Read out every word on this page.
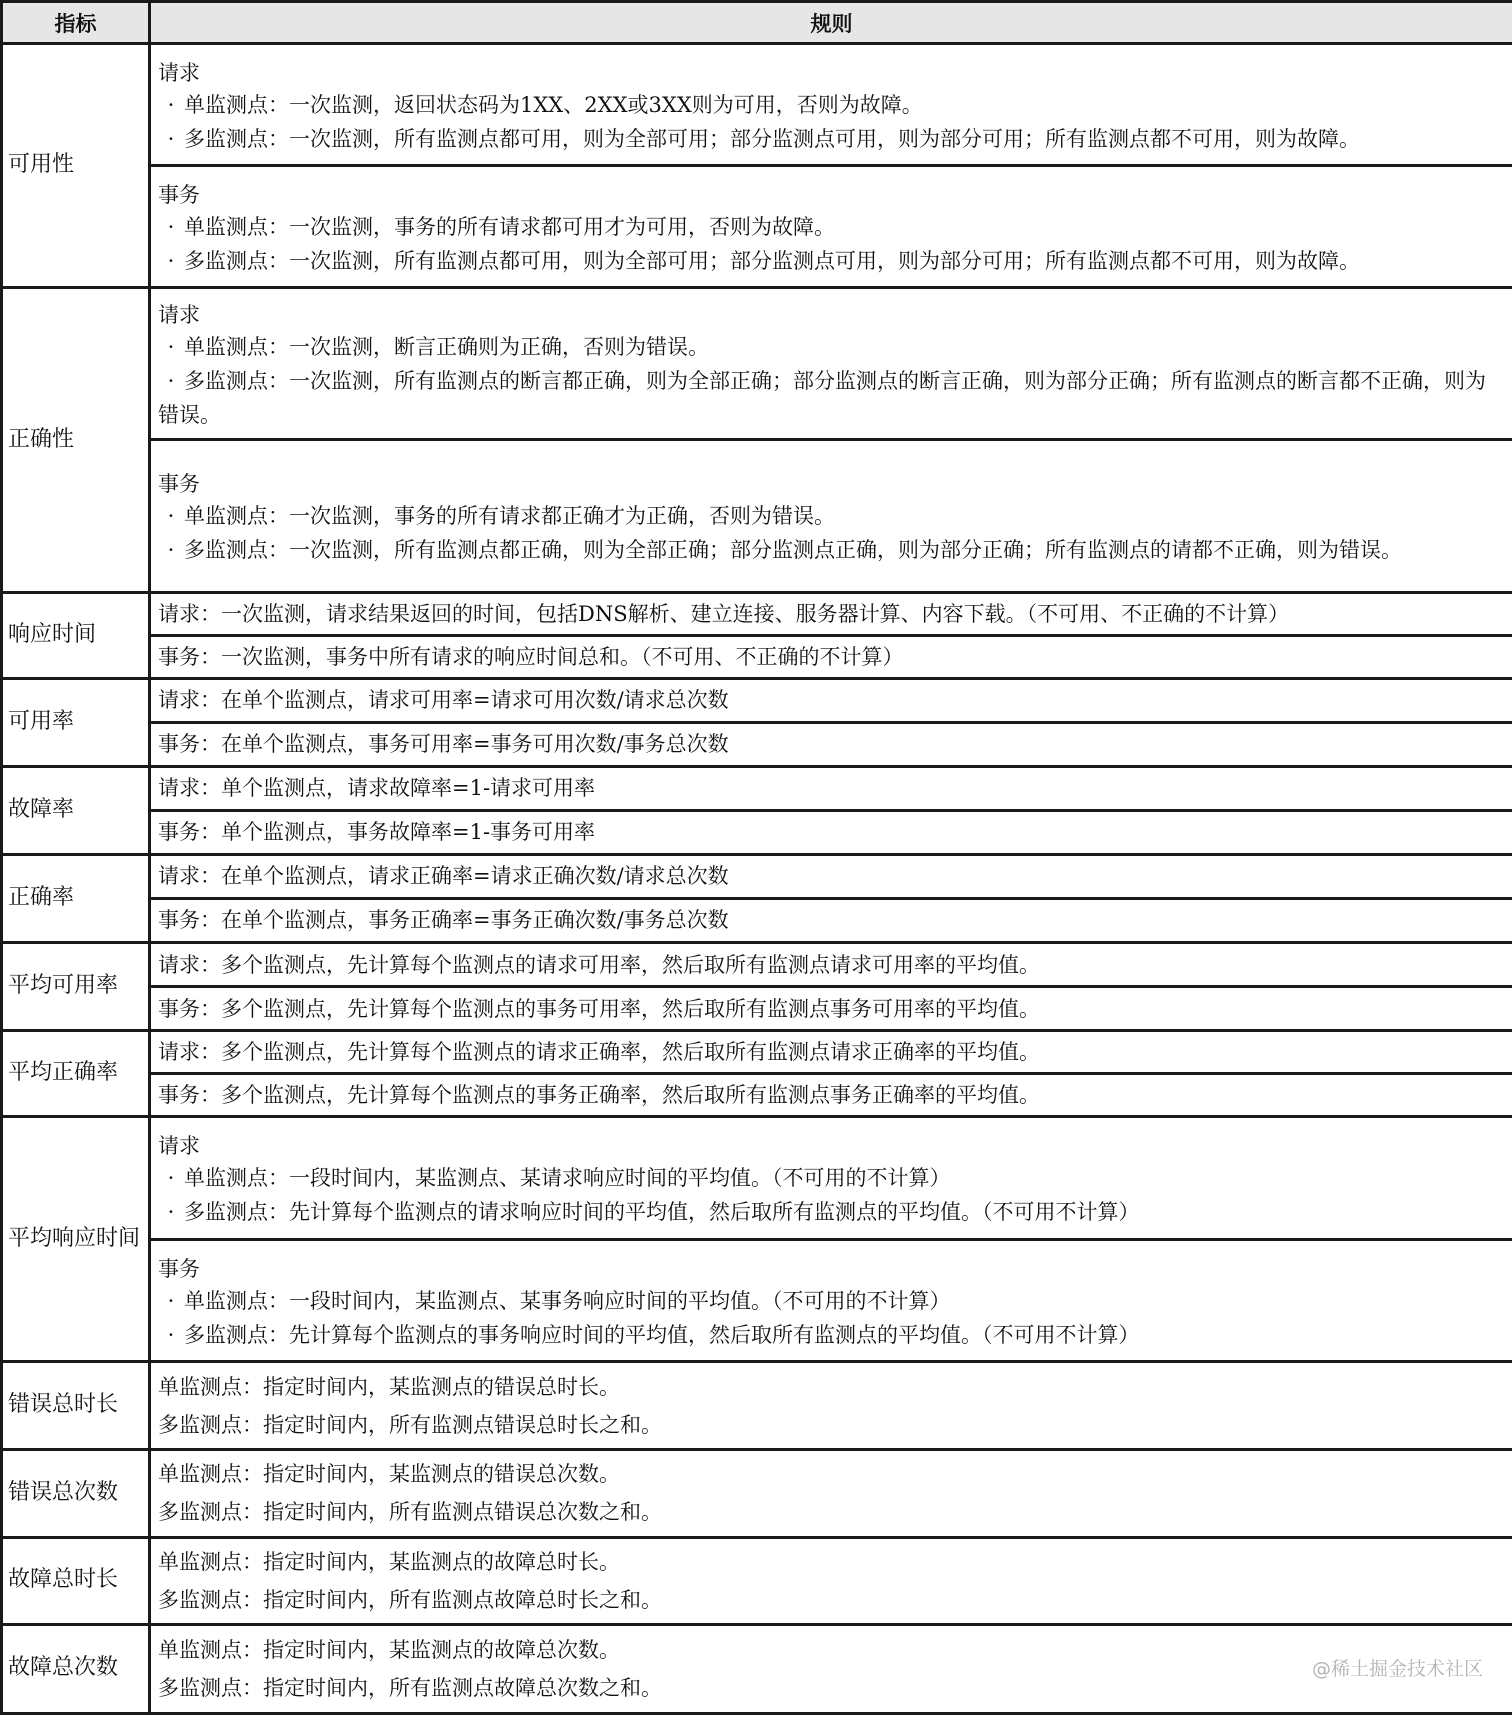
指标	规则
可用性	请求
· 单监测点：一次监测，返回状态码为1XX、2XX或3XX则为可用，否则为故障。
· 多监测点：一次监测，所有监测点都可用，则为全部可用；部分监测点可用，则为部分可用；所有监测点都不可用，则为故障。

	事务
· 单监测点：一次监测，事务的所有请求都可用才为可用，否则为故障。
· 多监测点：一次监测，所有监测点都可用，则为全部可用；部分监测点可用，则为部分可用；所有监测点都不可用，则为故障。

正确性	请求
· 单监测点：一次监测，断言正确则为正确，否则为错误。
· 多监测点：一次监测，所有监测点的断言都正确，则为全部正确；部分监测点的断言正确，则为部分正确；所有监测点的断言都不正确，则为错误。

	事务
· 单监测点：一次监测，事务的所有请求都正确才为正确，否则为错误。
· 多监测点：一次监测，所有监测点都正确，则为全部正确；部分监测点正确，则为部分正确；所有监测点的请都不正确，则为错误。

响应时间	请求：一次监测，请求结果返回的时间，包括DNS解析、建立连接、服务器计算、内容下载。（不可用、不正确的不计算）
	事务：一次监测，事务中所有请求的响应时间总和。（不可用、不正确的不计算）
可用率	请求：在单个监测点，请求可用率=请求可用次数/请求总次数
	事务：在单个监测点，事务可用率=事务可用次数/事务总次数
故障率	请求：单个监测点，请求故障率=1-请求可用率
	事务：单个监测点，事务故障率=1-事务可用率
正确率	请求：在单个监测点，请求正确率=请求正确次数/请求总次数
	事务：在单个监测点，事务正确率=事务正确次数/事务总次数
平均可用率	请求：多个监测点，先计算每个监测点的请求可用率，然后取所有监测点请求可用率的平均值。
	事务：多个监测点，先计算每个监测点的事务可用率，然后取所有监测点事务可用率的平均值。
平均正确率	请求：多个监测点，先计算每个监测点的请求正确率，然后取所有监测点请求正确率的平均值。
	事务：多个监测点，先计算每个监测点的事务正确率，然后取所有监测点事务正确率的平均值。
平均响应时间	请求
· 单监测点：一段时间内，某监测点、某请求响应时间的平均值。（不可用的不计算）
· 多监测点：先计算每个监测点的请求响应时间的平均值，然后取所有监测点的平均值。（不可用不计算）

	事务
· 单监测点：一段时间内，某监测点、某事务响应时间的平均值。（不可用的不计算）
· 多监测点：先计算每个监测点的事务响应时间的平均值，然后取所有监测点的平均值。（不可用不计算）

错误总时长	单监测点：指定时间内，某监测点的错误总时长。
多监测点：指定时间内，所有监测点错误总时长之和。

错误总次数	单监测点：指定时间内，某监测点的错误总次数。
多监测点：指定时间内，所有监测点错误总次数之和。

故障总时长	单监测点：指定时间内，某监测点的故障总时长。
多监测点：指定时间内，所有监测点故障总时长之和。

故障总次数	单监测点：指定时间内，某监测点的故障总次数。
多监测点：指定时间内，所有监测点故障总次数之和。
@稀土掘金技术社区
